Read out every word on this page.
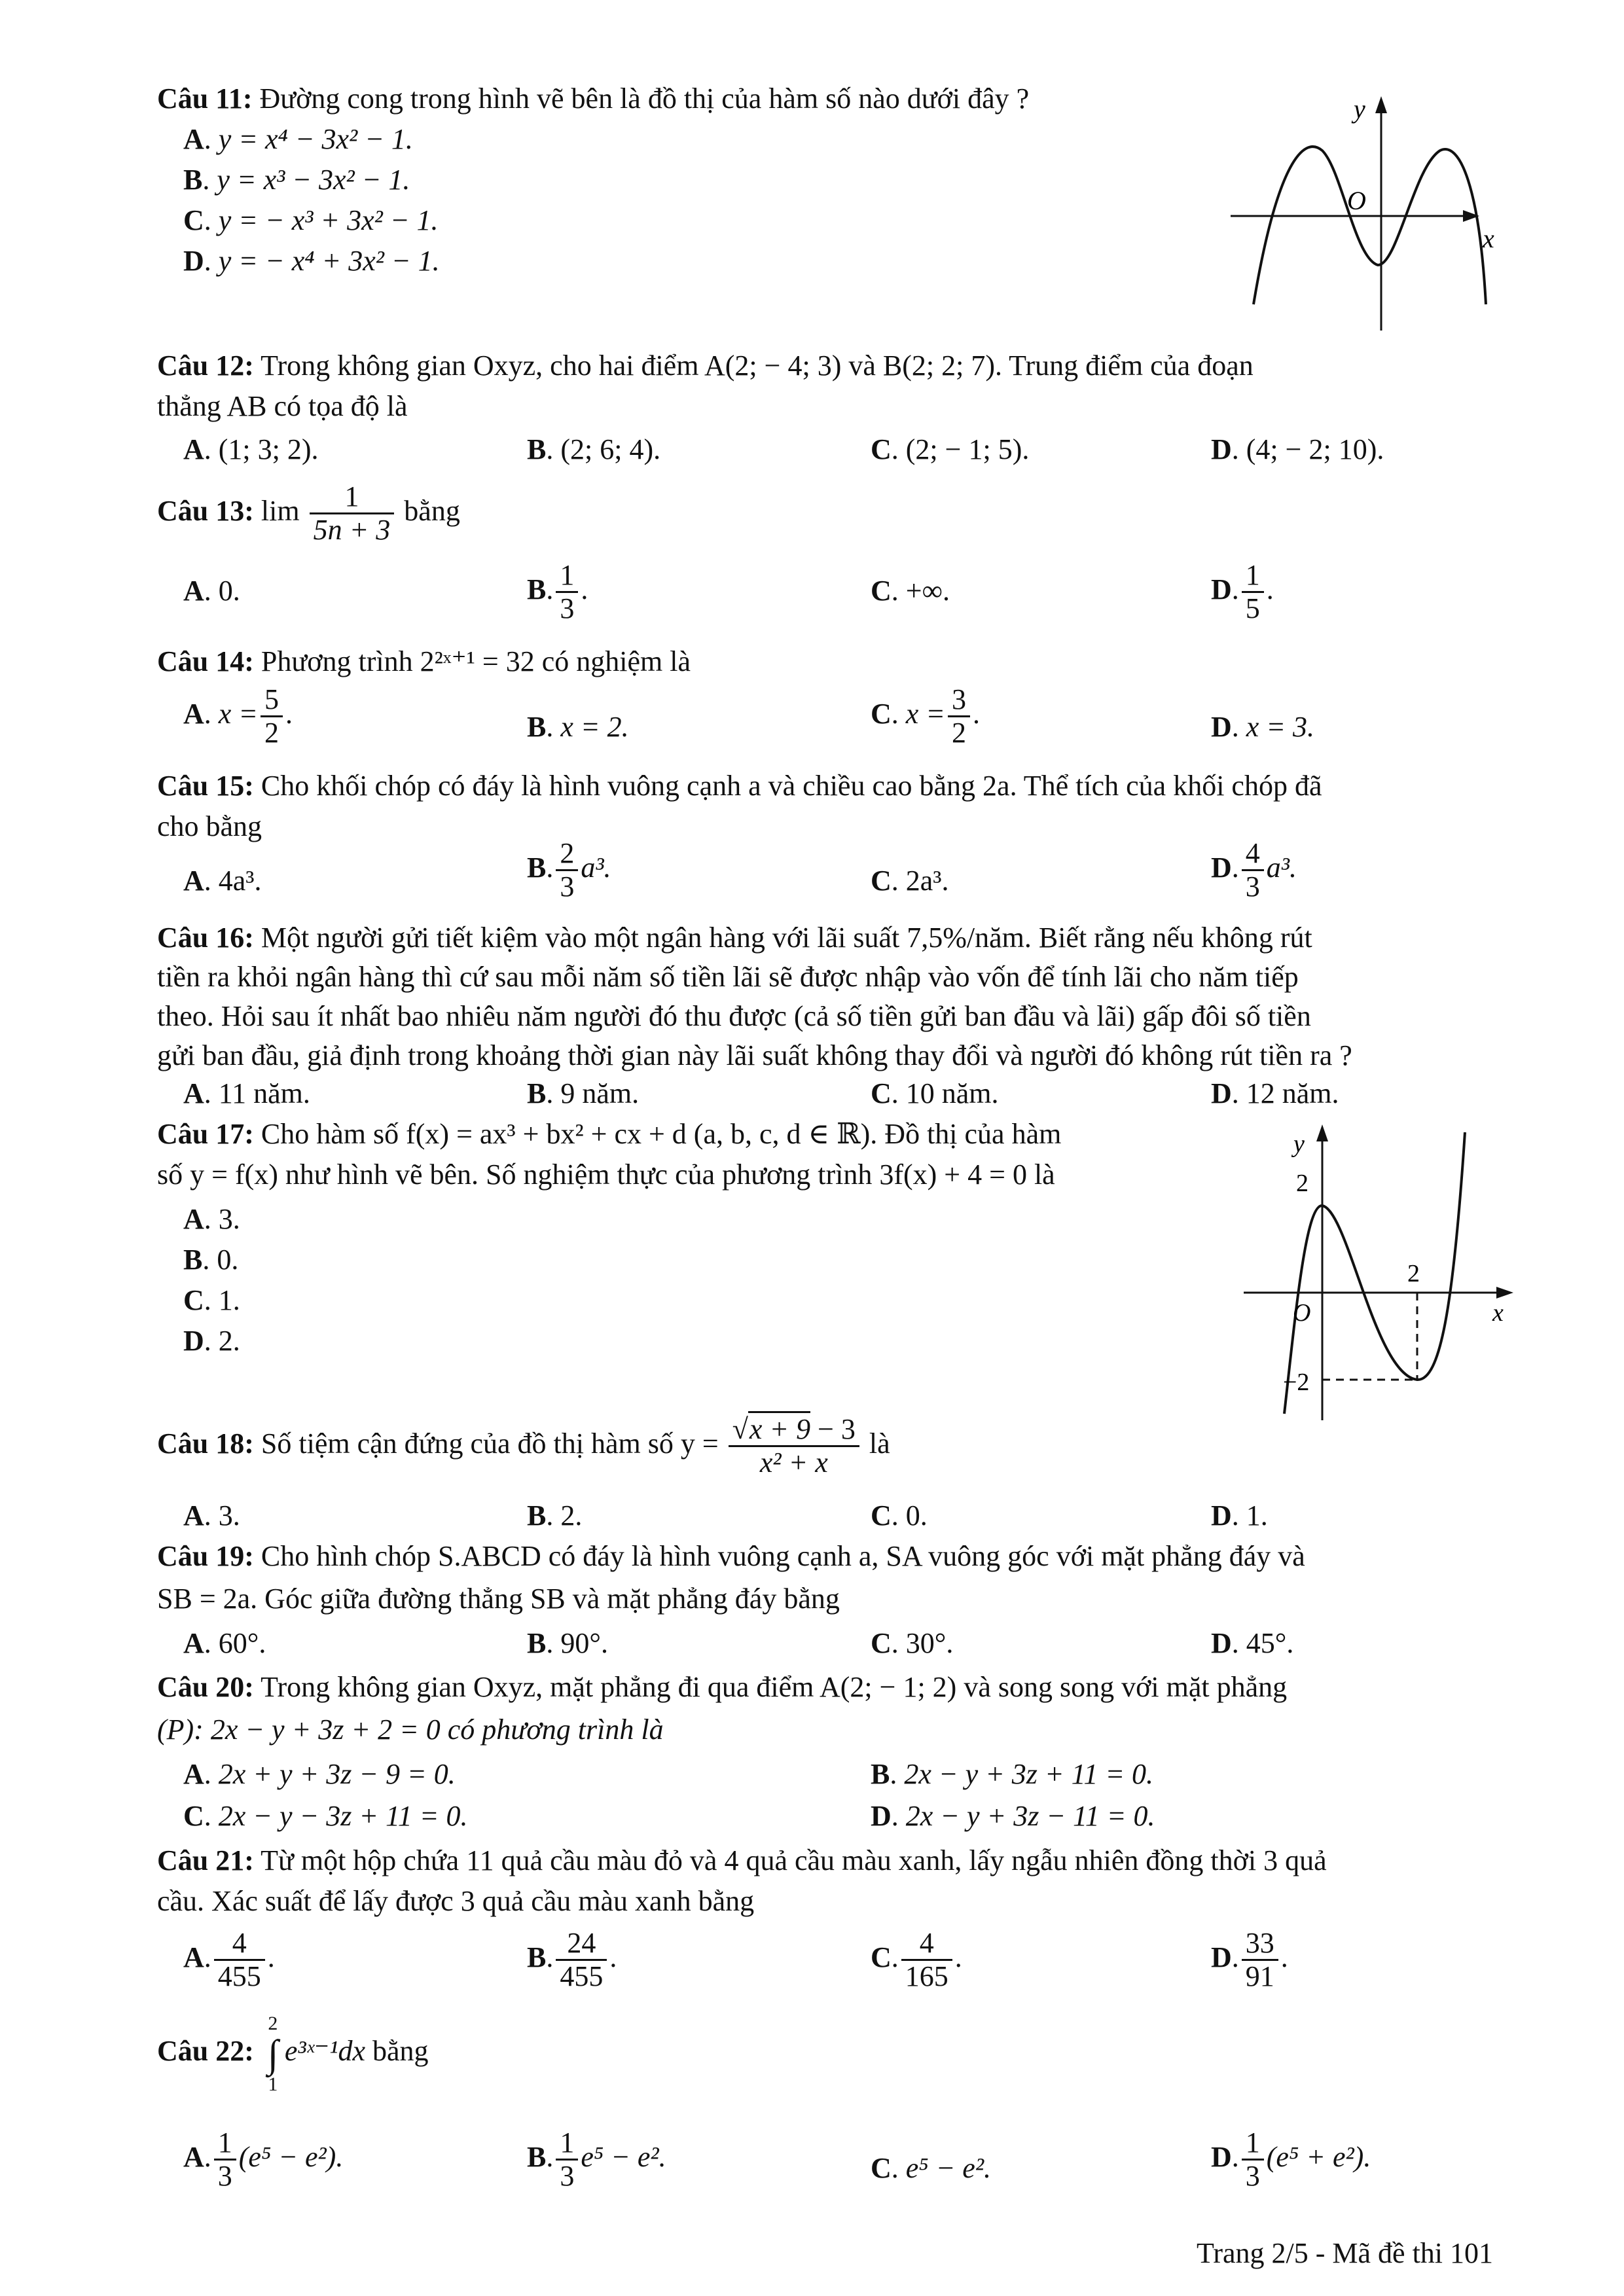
Câu 11: Đường cong trong hình vẽ bên là đồ thị của hàm số nào dưới đây ?
A. y = x⁴ − 3x² − 1.
B. y = x³ − 3x² − 1.
C. y = − x³ + 3x² − 1.
D. y = − x⁴ + 3x² − 1.
y
x
O
Câu 12: Trong không gian Oxyz, cho hai điểm A(2; − 4; 3) và B(2; 2; 7). Trung điểm của đoạn
thẳng AB có tọa độ là
A. (1; 3; 2).	B. (2; 6; 4).	C. (2; − 1; 5).	D. (4; − 2; 10).
Câu 13: $\lim \frac{1}{5n + 3}$ bằng
A. 0.	B. $\frac{1}{3}$ .	C. +∞.	D. $\frac{1}{5}$ .
Câu 14: Phương trình 2²ˣ⁺¹ = 32 có nghiệm là
A. $x = \frac{5}{2}$ .	B. x = 2.	C. $x = \frac{3}{2}$ .	D. x = 3.
Câu 15: Cho khối chóp có đáy là hình vuông cạnh a và chiều cao bằng 2a. Thể tích của khối chóp đã
cho bằng
A. 4a³.	B. $\frac{2}{3} a^3$.	C. 2a³.	D. $\frac{4}{3} a^3$.
Câu 16: Một người gửi tiết kiệm vào một ngân hàng với lãi suất 7,5%/năm. Biết rằng nếu không rút
tiền ra khỏi ngân hàng thì cứ sau mỗi năm số tiền lãi sẽ được nhập vào vốn để tính lãi cho năm tiếp
theo. Hỏi sau ít nhất bao nhiêu năm người đó thu được (cả số tiền gửi ban đầu và lãi) gấp đôi số tiền
gửi ban đầu, giả định trong khoảng thời gian này lãi suất không thay đổi và người đó không rút tiền ra ?
A. 11 năm.	B. 9 năm.	C. 10 năm.	D. 12 năm.
Câu 17: Cho hàm số f(x) = ax³ + bx² + cx + d (a, b, c, d ∈ ℝ). Đồ thị của hàm
số y = f(x) như hình vẽ bên. Số nghiệm thực của phương trình 3f(x) + 4 = 0 là
A. 3.
B. 0.
C. 1.
D. 2.
y
2
2
O
−2
x
Câu 18: Số tiệm cận đứng của đồ thị hàm số $y = \frac{√x + 9 - 3}{\text{x² + x}}$ là
A. 3.	B. 2.	C. 0.	D. 1.
Câu 19: Cho hình chóp S.ABCD có đáy là hình vuông cạnh a, SA vuông góc với mặt phẳng đáy và
SB = 2a. Góc giữa đường thẳng SB và mặt phẳng đáy bằng
A. 60°.	B. 90°.	C. 30°.	D. 45°.
Câu 20: Trong không gian Oxyz, mặt phẳng đi qua điểm A(2; − 1; 2) và song song với mặt phẳng
(P): 2x − y + 3z + 2 = 0 có phương trình là
A. 2x + y + 3z − 9 = 0.	B. 2x − y + 3z + 11 = 0.
C. 2x − y − 3z + 11 = 0.	D. 2x − y + 3z − 11 = 0.
Câu 21: Từ một hộp chứa 11 quả cầu màu đỏ và 4 quả cầu màu xanh, lấy ngẫu nhiên đồng thời 3 quả
cầu. Xác suất để lấy được 3 quả cầu màu xanh bằng
A. $\frac{4}{455}$ .	B. $\frac{24}{455}$ .	C. $\frac{4}{165}$ .	D. $\frac{33}{91}$ .
Câu 22:
2
∫
1
e³ˣ⁻¹dx bằng
A. $\frac{1}{3} (e^5 - e^2)$.	B. $\frac{1}{3} e^5 - e^2$.	C. e⁵ − e².	D. $\frac{1}{3} (e^5 + e^2)$.
Trang 2/5 - Mã đề thi 101
